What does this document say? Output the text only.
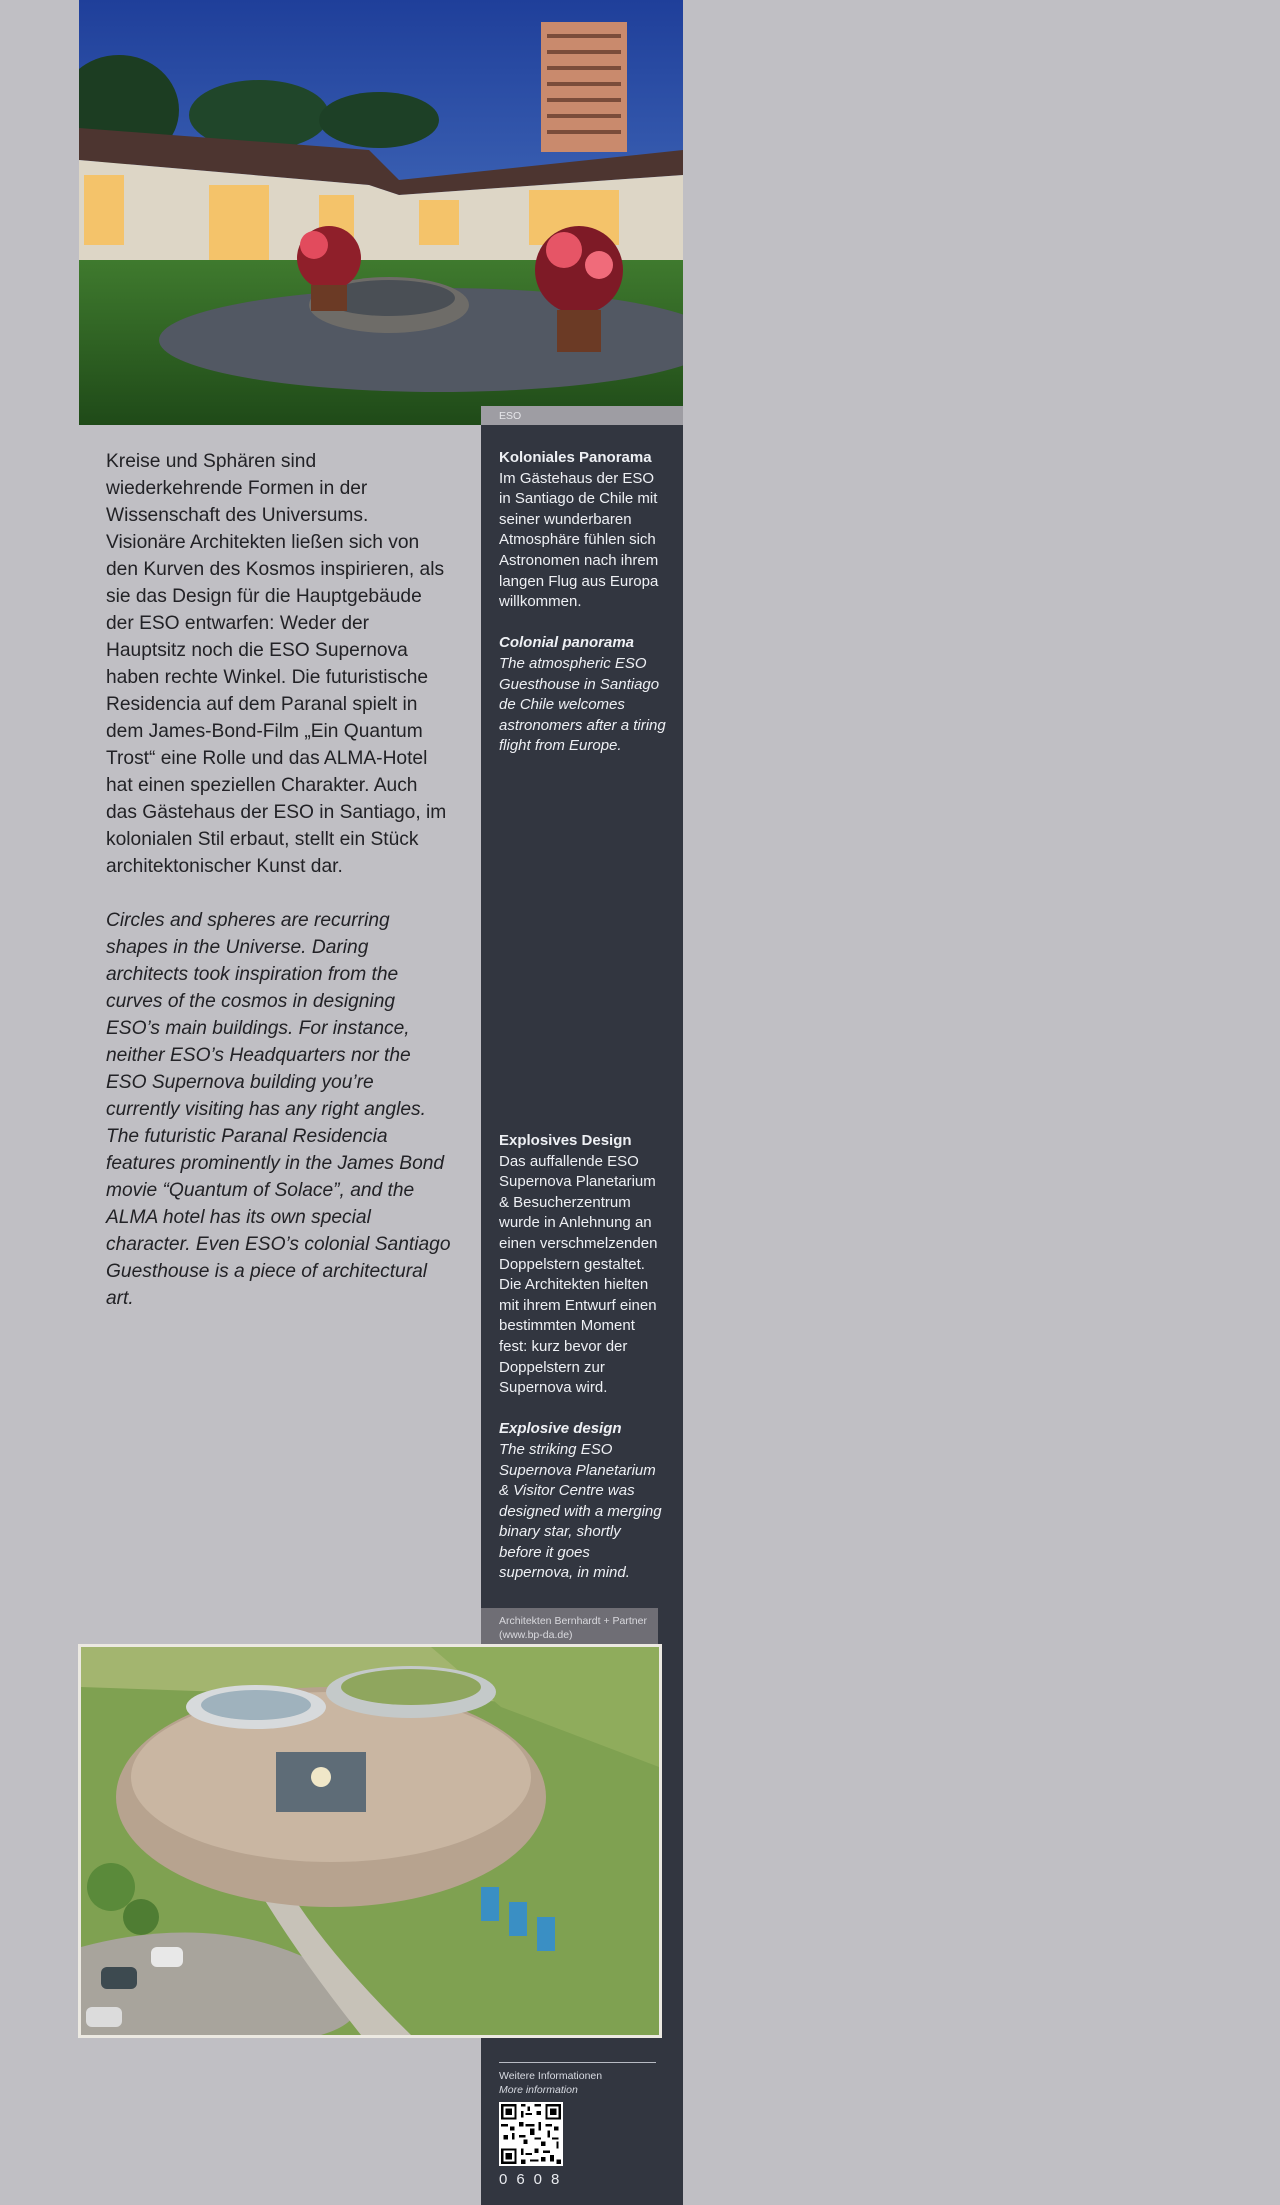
ESO
Koloniales Panorama
Im Gästehaus der ESO in Santiago de Chile mit seiner wunderbaren Atmosphäre fühlen sich Astronomen nach ihrem langen Flug aus Europa willkommen.
Colonial panorama
The atmospheric ESO Guesthouse in Santiago de Chile welcomes astronomers after a tiring flight from Europe.
Explosives Design
Das auffallende ESO Supernova Planetarium & Besucherzentrum wurde in Anlehnung an einen verschmelzenden Doppelstern gestaltet. Die Architekten hielten mit ihrem Entwurf einen bestimmten Moment fest: kurz bevor der Doppelstern zur Supernova wird.
Explosive design
The striking ESO Supernova Planetarium & Visitor Centre was designed with a merging binary star, shortly before it goes supernova, in mind.

Kreise und Sphären sind wiederkehrende Formen in der Wissenschaft des Universums. Visionäre Architekten ließen sich von den Kurven des Kosmos inspirieren, als sie das Design für die Hauptgebäude der ESO entwarfen: Weder der Hauptsitz noch die ESO Supernova haben rechte Winkel. Die futuristische Residencia auf dem Paranal spielt in dem James-Bond-Film „Ein Quantum Trost“ eine Rolle und das ALMA-Hotel hat einen speziellen Charakter. Auch das Gästehaus der ESO in Santiago, im kolonialen Stil erbaut, stellt ein Stück architektonischer Kunst dar.

Circles and spheres are recurring shapes in the Universe. Daring architects took inspiration from the curves of the cosmos in designing ESO’s main buildings. For instance, neither ESO’s Headquarters nor the ESO Supernova building you’re currently visiting has any right angles. The futuristic Paranal Residencia features prominently in the James Bond movie “Quantum of Solace”, and the ALMA hotel has its own special character. Even ESO’s colonial Santiago Guesthouse is a piece of architectural art.

Architekten Bernhardt + Partner
(www.bp-da.de)
Weitere Informationen
More information
0608
